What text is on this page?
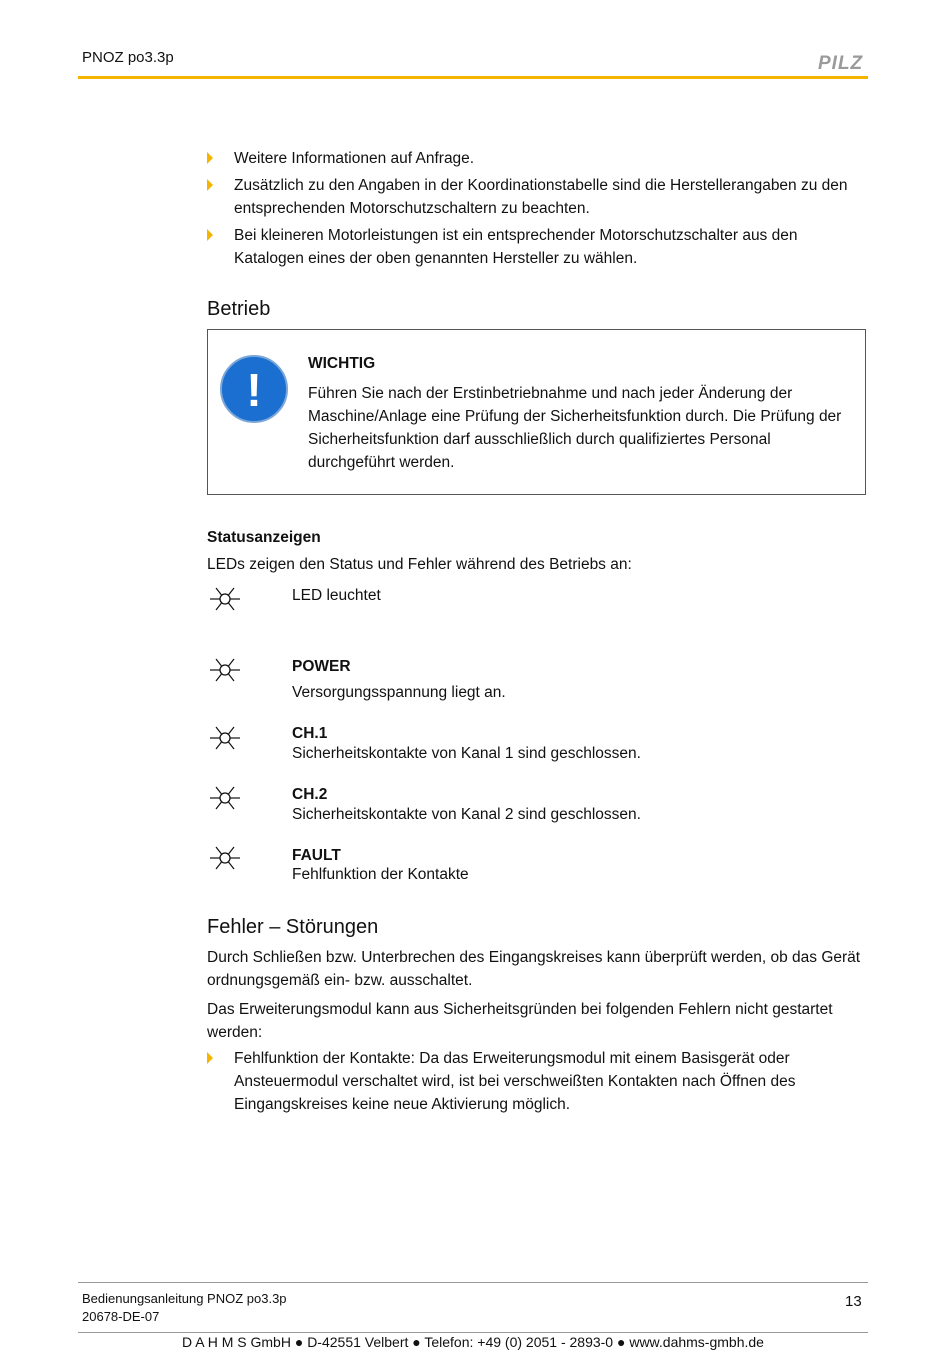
PNOZ po3.3p	PILZ
Weitere Informationen auf Anfrage.
Zusätzlich zu den Angaben in der Koordinationstabelle sind die Herstellerangaben zu den entsprechenden Motorschutzschaltern zu beachten.
Bei kleineren Motorleistungen ist ein entsprechender Motorschutzschalter aus den Katalogen eines der oben genannten Hersteller zu wählen.
Betrieb
!
WICHTIG
Führen Sie nach der Erstinbetriebnahme und nach jeder Änderung der Maschine/Anlage eine Prüfung der Sicherheitsfunktion durch. Die Prüfung der Sicherheitsfunktion darf ausschließlich durch qualifiziertes Personal durchgeführt werden.
Statusanzeigen
LEDs zeigen den Status und Fehler während des Betriebs an:
LED leuchtet
POWER
Versorgungsspannung liegt an.
CH.1
Sicherheitskontakte von Kanal 1 sind geschlossen.
CH.2
Sicherheitskontakte von Kanal 2 sind geschlossen.
FAULT
Fehlfunktion der Kontakte
Fehler – Störungen
Durch Schließen bzw. Unterbrechen des Eingangskreises kann überprüft werden, ob das Gerät ordnungsgemäß ein- bzw. ausschaltet.
Das Erweiterungsmodul kann aus Sicherheitsgründen bei folgenden Fehlern nicht gestartet werden:
Fehlfunktion der Kontakte: Da das Erweiterungsmodul mit einem Basisgerät oder Ansteuermodul verschaltet wird, ist bei verschweißten Kontakten nach Öffnen des Eingangskreises keine neue Aktivierung möglich.
Bedienungsanleitung PNOZ po3.3p
20678-DE-07
13
D A H M S GmbH ● D-42551 Velbert ● Telefon: +49 (0) 2051 - 2893-0 ● www.dahms-gmbh.de
